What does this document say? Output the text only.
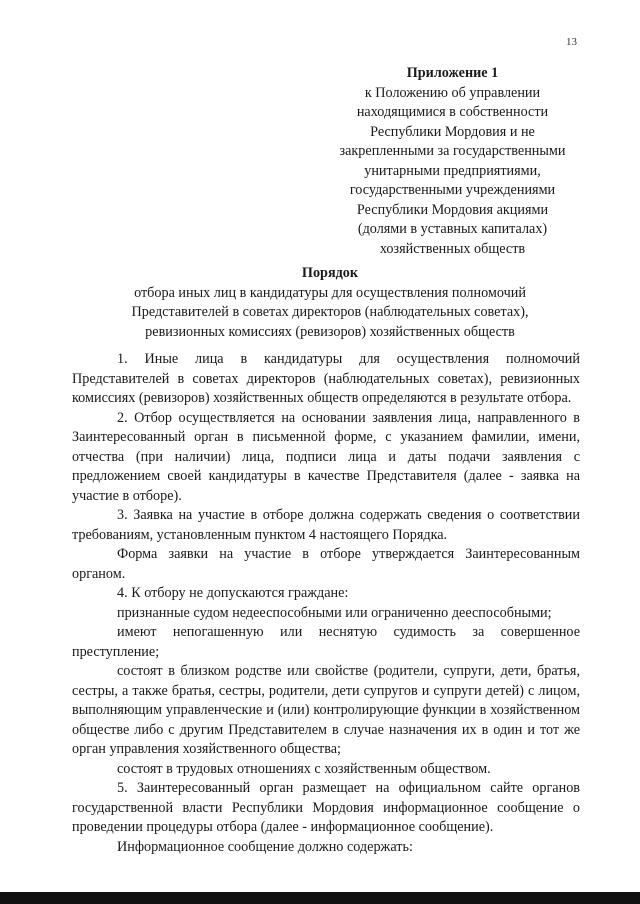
13
Приложение 1
к Положению об управлении
находящимися в собственности
Республики Мордовия и не
закрепленными за государственными
унитарными предприятиями,
государственными учреждениями
Республики Мордовия акциями
(долями в уставных капиталах)
хозяйственных обществ
Порядок
отбора иных лиц в кандидатуры для осуществления полномочий
Представителей в советах директоров (наблюдательных советах),
ревизионных комиссиях (ревизоров) хозяйственных обществ

1. Иные лица в кандидатуры для осуществления полномочий Представителей в советах директоров (наблюдательных советах), ревизионных комиссиях (ревизоров) хозяйственных обществ определяются в результате отбора.

2. Отбор осуществляется на основании заявления лица, направленного в Заинтересованный орган в письменной форме, с указанием фамилии, имени, отчества (при наличии) лица, подписи лица и даты подачи заявления с предложением своей кандидатуры в качестве Представителя (далее - заявка на участие в отборе).

3. Заявка на участие в отборе должна содержать сведения о соответствии требованиям, установленным пунктом 4 настоящего Порядка.

Форма заявки на участие в отборе утверждается Заинтересованным органом.

4. К отбору не допускаются граждане:

признанные судом недееспособными или ограниченно дееспособными;

имеют непогашенную или неснятую судимость за совершенное преступление;

состоят в близком родстве или свойстве (родители, супруги, дети, братья, сестры, а также братья, сестры, родители, дети супругов и супруги детей) с лицом, выполняющим управленческие и (или) контролирующие функции в хозяйственном обществе либо с другим Представителем в случае назначения их в один и тот же орган управления хозяйственного общества;

состоят в трудовых отношениях с хозяйственным обществом.

5. Заинтересованный орган размещает на официальном сайте органов государственной власти Республики Мордовия информационное сообщение о проведении процедуры отбора (далее - информационное сообщение).

Информационное сообщение должно содержать:
